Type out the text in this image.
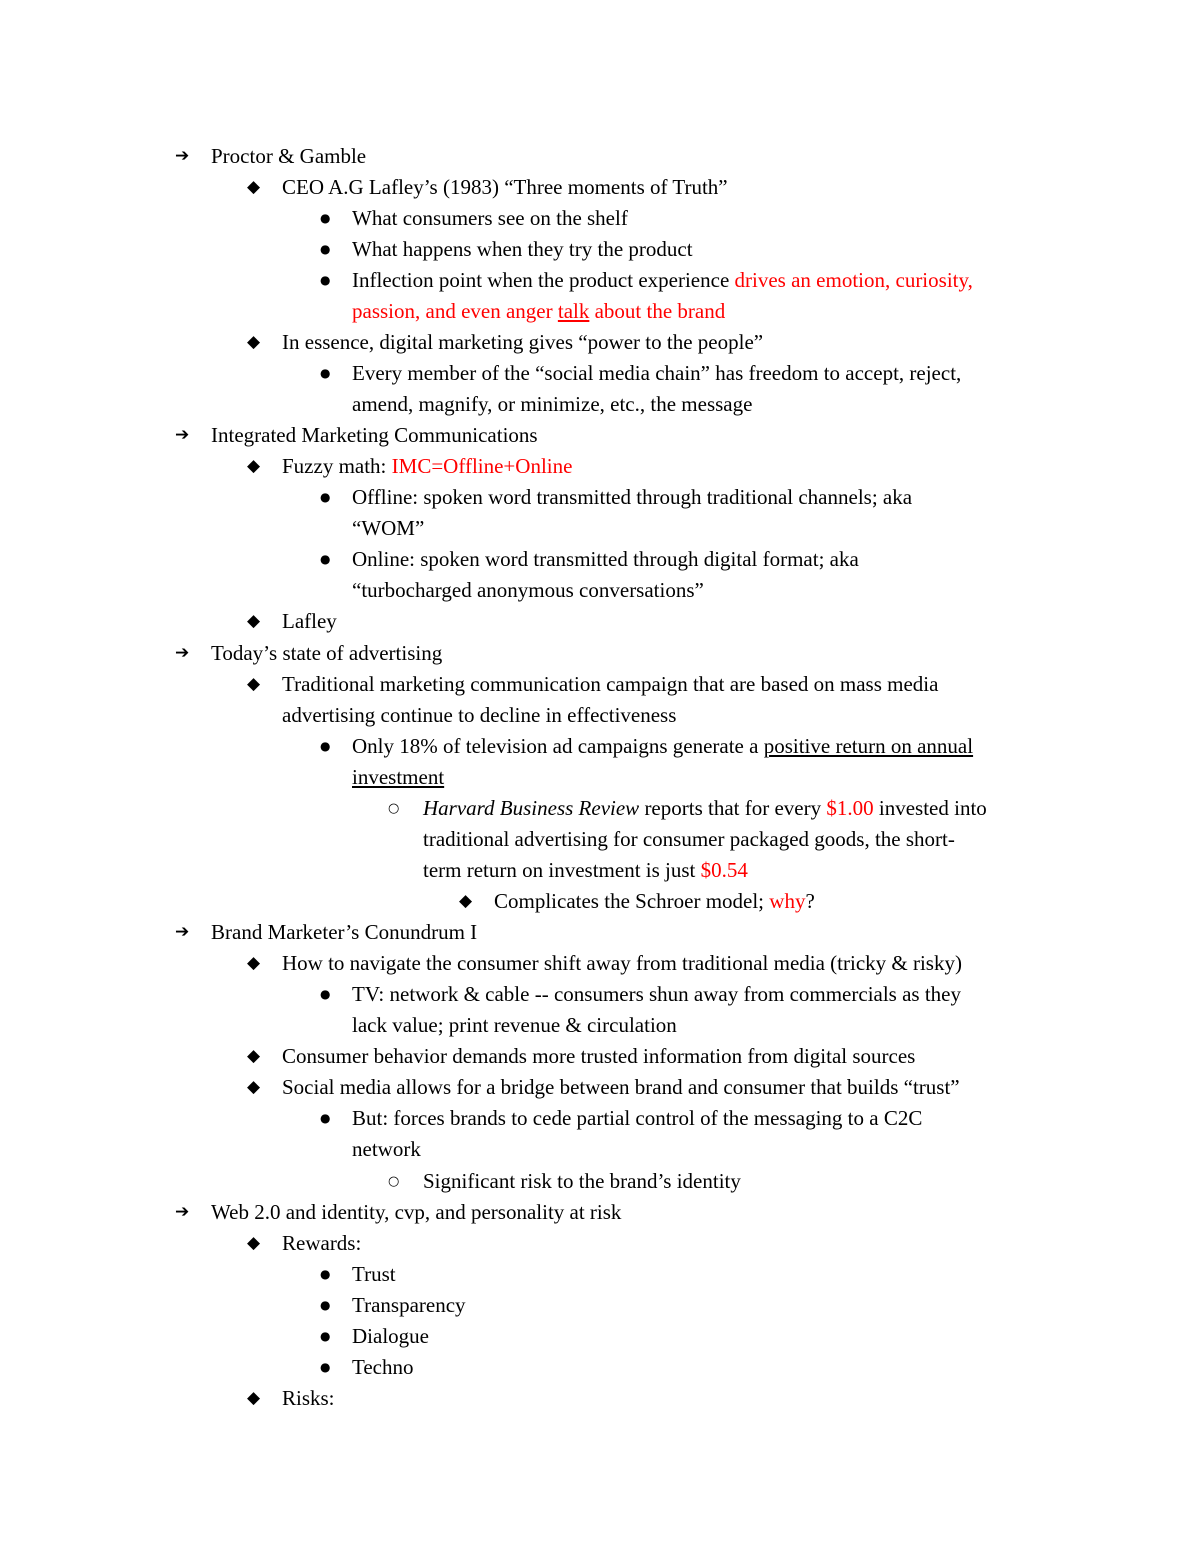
➔ Proctor & Gamble
◆ CEO A.G Lafley’s (1983) “Three moments of Truth”
● What consumers see on the shelf
● What happens when they try the product
● Inflection point when the product experience drives an emotion, curiosity,
passion, and even anger talk about the brand
◆ In essence, digital marketing gives “power to the people”
● Every member of the “social media chain” has freedom to accept, reject,
amend, magnify, or minimize, etc., the message
➔ Integrated Marketing Communications
◆ Fuzzy math: IMC=Offline+Online
● Offline: spoken word transmitted through traditional channels; aka
“WOM”
● Online: spoken word transmitted through digital format; aka
“turbocharged anonymous conversations”
◆ Lafley
➔ Today’s state of advertising
◆ Traditional marketing communication campaign that are based on mass media
advertising continue to decline in effectiveness
● Only 18% of television ad campaigns generate a positive return on annual
investment
○ Harvard Business Review reports that for every $1.00 invested into
traditional advertising for consumer packaged goods, the short-
term return on investment is just $0.54
◆ Complicates the Schroer model; why?
➔ Brand Marketer’s Conundrum I
◆ How to navigate the consumer shift away from traditional media (tricky & risky)
● TV: network & cable -- consumers shun away from commercials as they
lack value; print revenue & circulation
◆ Consumer behavior demands more trusted information from digital sources
◆ Social media allows for a bridge between brand and consumer that builds “trust”
● But: forces brands to cede partial control of the messaging to a C2C
network
○ Significant risk to the brand’s identity
➔ Web 2.0 and identity, cvp, and personality at risk
◆ Rewards:
● Trust
● Transparency
● Dialogue
● Techno
◆ Risks:
